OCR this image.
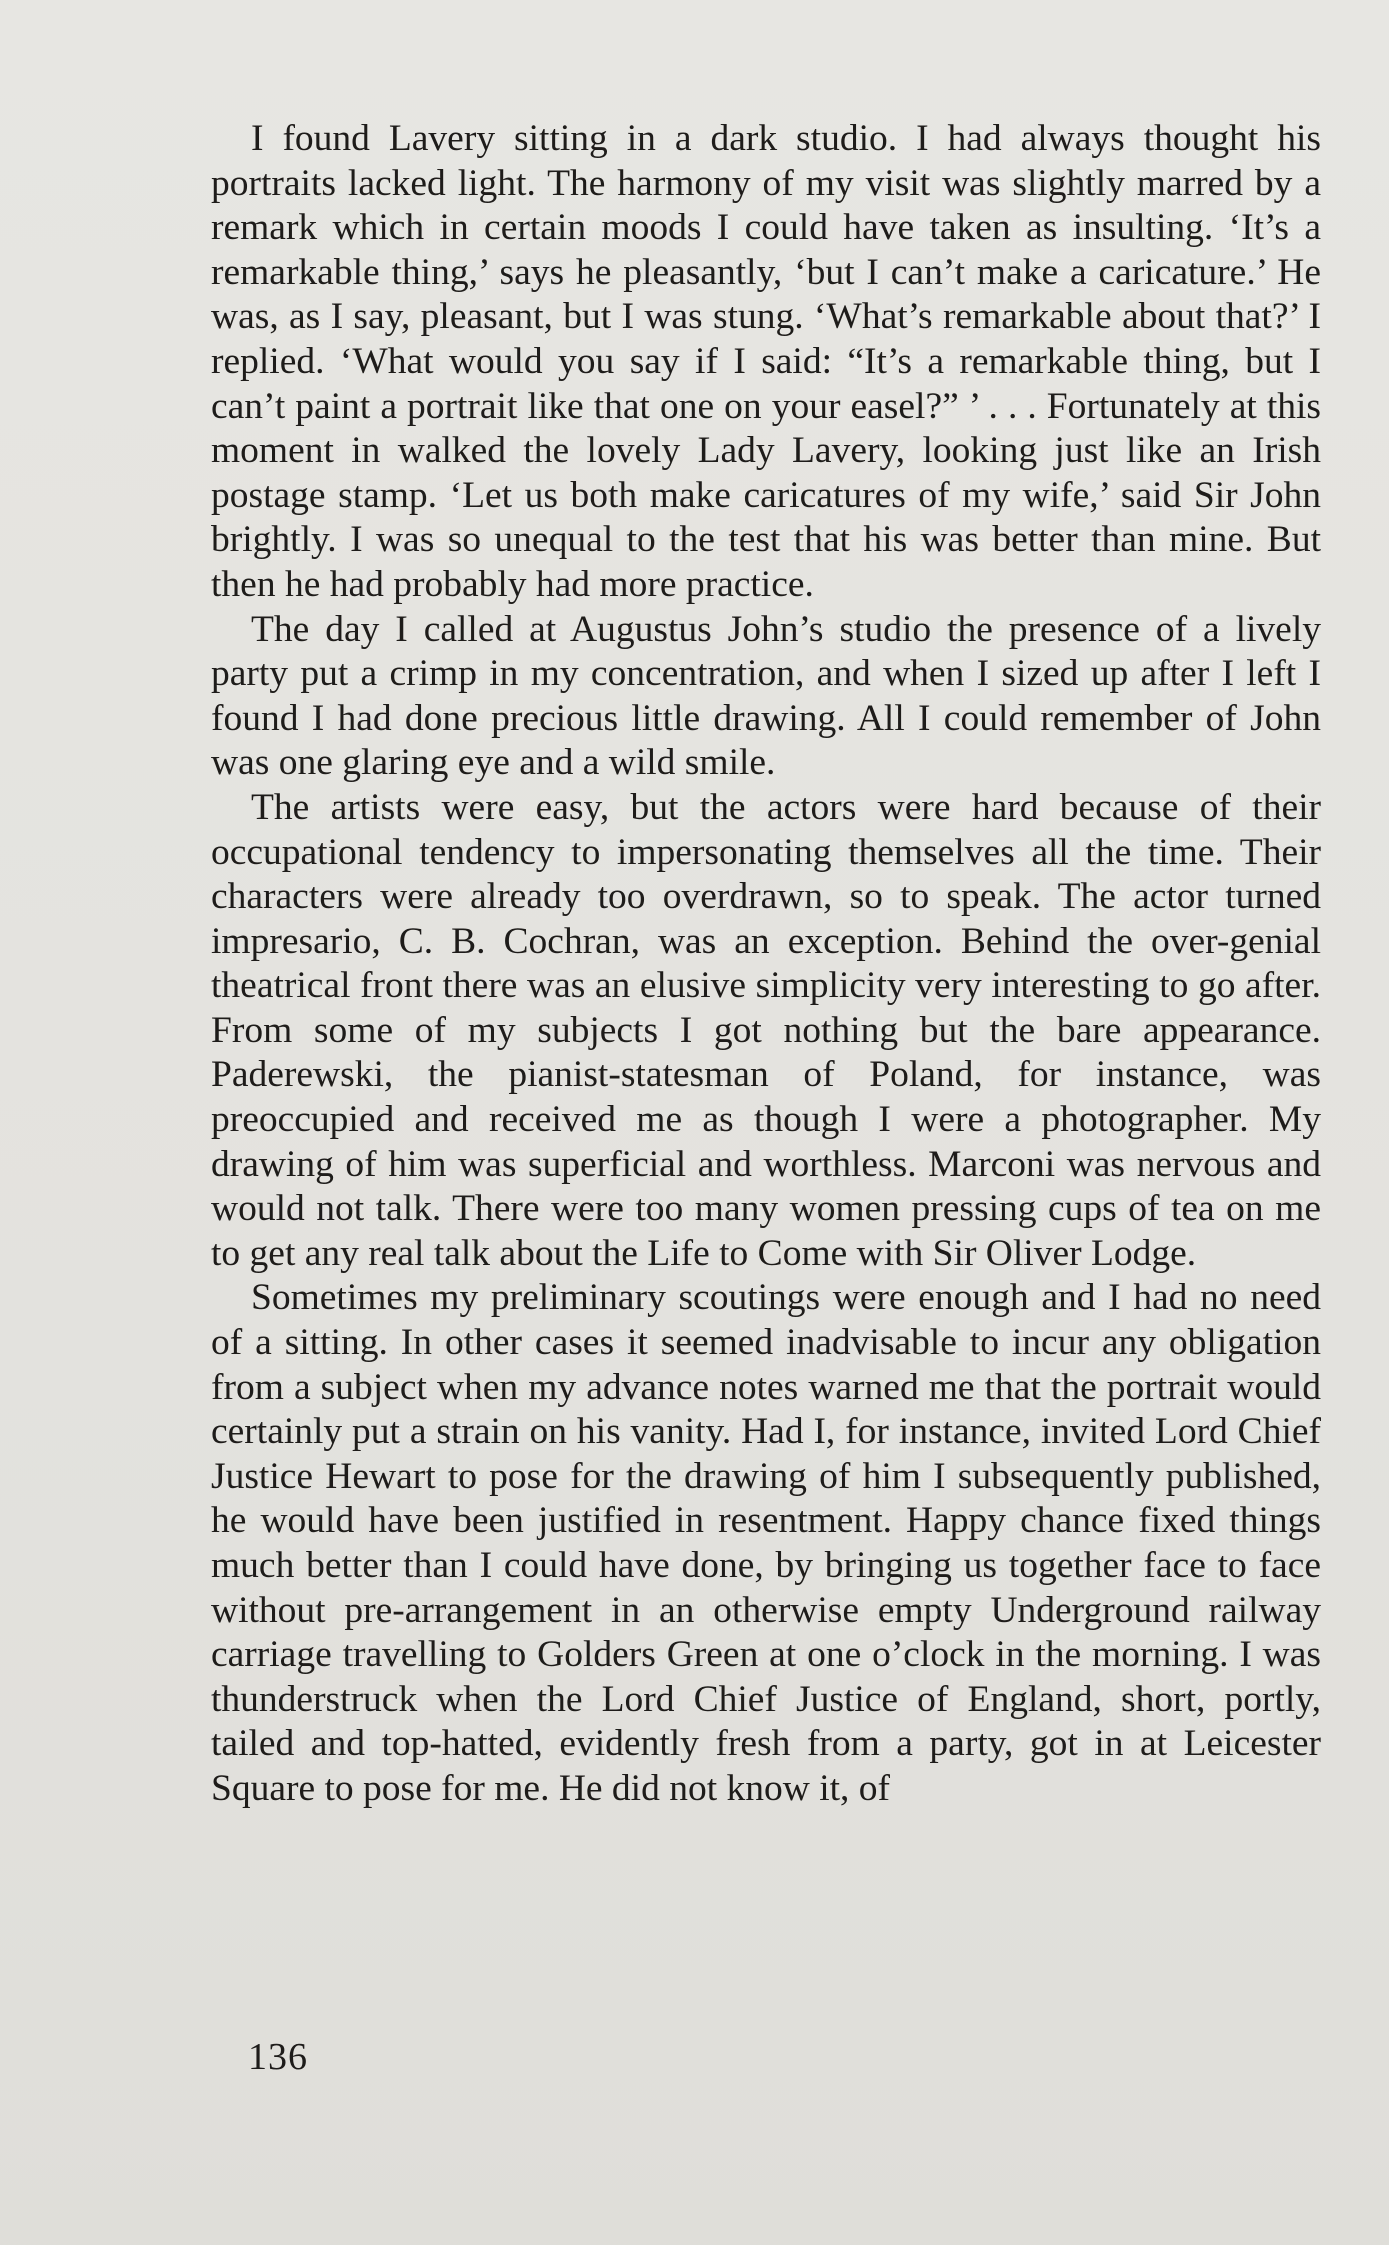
I found Lavery sitting in a dark studio. I had always thought his portraits lacked light. The harmony of my visit was slightly marred by a remark which in certain moods I could have taken as insulting. ‘It’s a remarkable thing,’ says he pleasantly, ‘but I can’t make a caricature.’ He was, as I say, pleasant, but I was stung. ‘What’s remarkable about that?’ I replied. ‘What would you say if I said: “It’s a remarkable thing, but I can’t paint a portrait like that one on your easel?” ’ . . . Fortunately at this moment in walked the lovely Lady Lavery, looking just like an Irish postage stamp. ‘Let us both make caricatures of my wife,’ said Sir John brightly. I was so unequal to the test that his was better than mine. But then he had probably had more practice.

The day I called at Augustus John’s studio the presence of a lively party put a crimp in my concentration, and when I sized up after I left I found I had done precious little drawing. All I could remember of John was one glaring eye and a wild smile.

The artists were easy, but the actors were hard because of their occupational tendency to impersonating themselves all the time. Their characters were already too overdrawn, so to speak. The actor turned impresario, C. B. Cochran, was an exception. Behind the over-genial theatrical front there was an elusive simplicity very interesting to go after. From some of my subjects I got nothing but the bare appearance. Paderewski, the pianist-statesman of Poland, for instance, was preoccupied and received me as though I were a photographer. My drawing of him was superficial and worthless. Marconi was nervous and would not talk. There were too many women pressing cups of tea on me to get any real talk about the Life to Come with Sir Oliver Lodge.

Sometimes my preliminary scoutings were enough and I had no need of a sitting. In other cases it seemed inadvisable to incur any obligation from a subject when my advance notes warned me that the portrait would certainly put a strain on his vanity. Had I, for instance, invited Lord Chief Justice Hewart to pose for the drawing of him I subsequently published, he would have been justified in resentment. Happy chance fixed things much better than I could have done, by bringing us together face to face without pre-arrangement in an otherwise empty Underground railway carriage travelling to Golders Green at one o’clock in the morning. I was thunderstruck when the Lord Chief Justice of England, short, portly, tailed and top-hatted, evidently fresh from a party, got in at Leicester Square to pose for me. He did not know it, of

136
